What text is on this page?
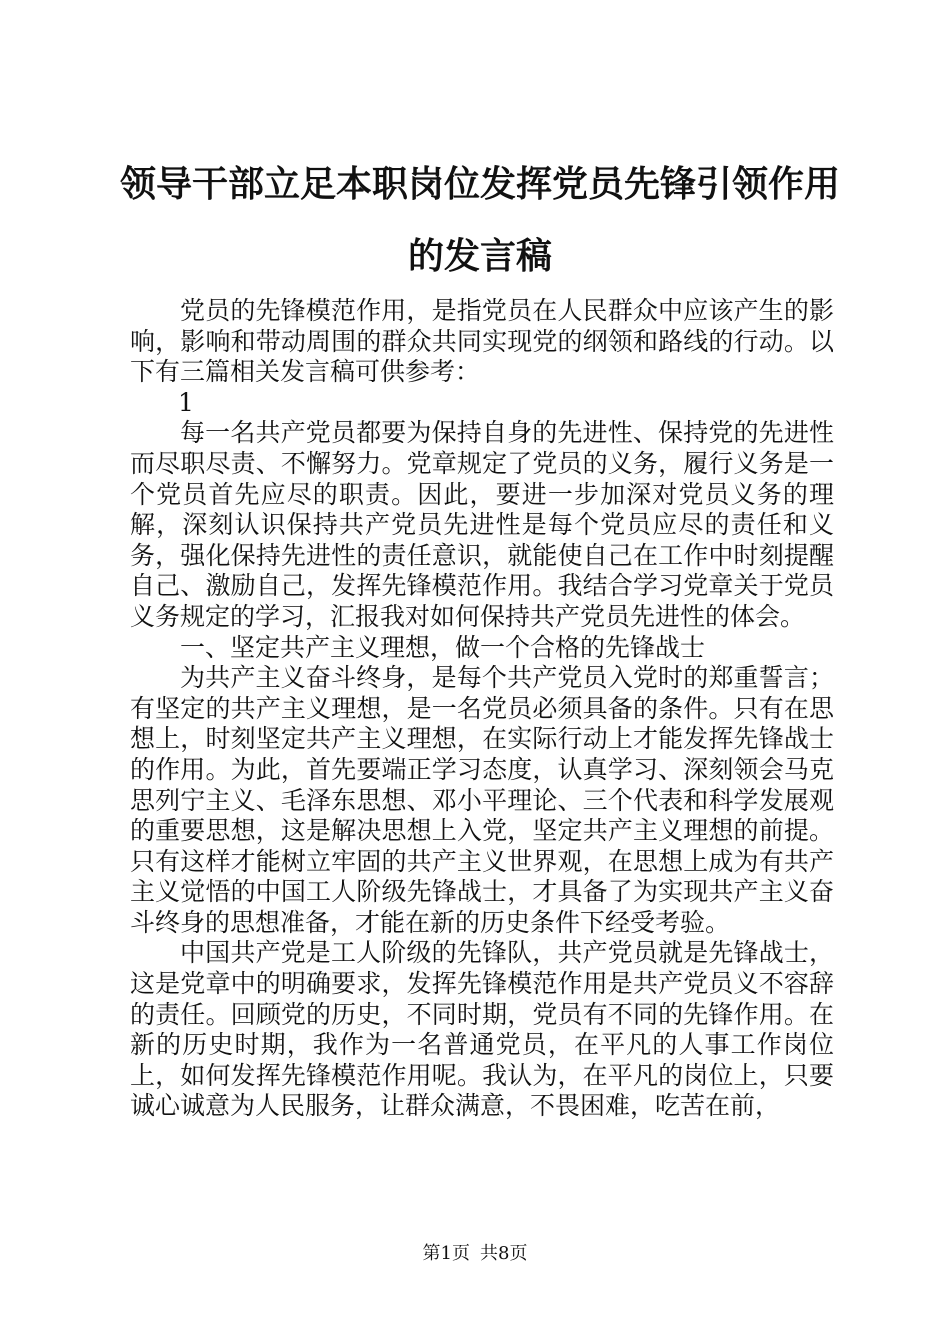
领导干部立足本职岗位发挥党员先锋引领作用的发言稿

党员的先锋模范作用，是指党员在人民群众中应该产生的影响，影响和带动周围的群众共同实现党的纲领和路线的行动。以下有三篇相关发言稿可供参考：

1

每一名共产党员都要为保持自身的先进性、保持党的先进性而尽职尽责、不懈努力。党章规定了党员的义务，履行义务是一个党员首先应尽的职责。因此，要进一步加深对党员义务的理解，深刻认识保持共产党员先进性是每个党员应尽的责任和义务，强化保持先进性的责任意识，就能使自己在工作中时刻提醒自己、激励自己，发挥先锋模范作用。我结合学习党章关于党员义务规定的学习，汇报我对如何保持共产党员先进性的体会。

一、坚定共产主义理想，做一个合格的先锋战士

为共产主义奋斗终身，是每个共产党员入党时的郑重誓言；有坚定的共产主义理想，是一名党员必须具备的条件。只有在思想上，时刻坚定共产主义理想，在实际行动上才能发挥先锋战士的作用。为此，首先要端正学习态度，认真学习、深刻领会马克思列宁主义、毛泽东思想、邓小平理论、三个代表和科学发展观的重要思想，这是解决思想上入党，坚定共产主义理想的前提。只有这样才能树立牢固的共产主义世界观，在思想上成为有共产主义觉悟的中国工人阶级先锋战士，才具备了为实现共产主义奋斗终身的思想准备，才能在新的历史条件下经受考验。

中国共产党是工人阶级的先锋队，共产党员就是先锋战士，这是党章中的明确要求，发挥先锋模范作用是共产党员义不容辞的责任。回顾党的历史，不同时期，党员有不同的先锋作用。在新的历史时期，我作为一名普通党员，在平凡的人事工作岗位上，如何发挥先锋模范作用呢。我认为，在平凡的岗位上，只要诚心诚意为人民服务，让群众满意，不畏困难，吃苦在前，

第1页 共8页
